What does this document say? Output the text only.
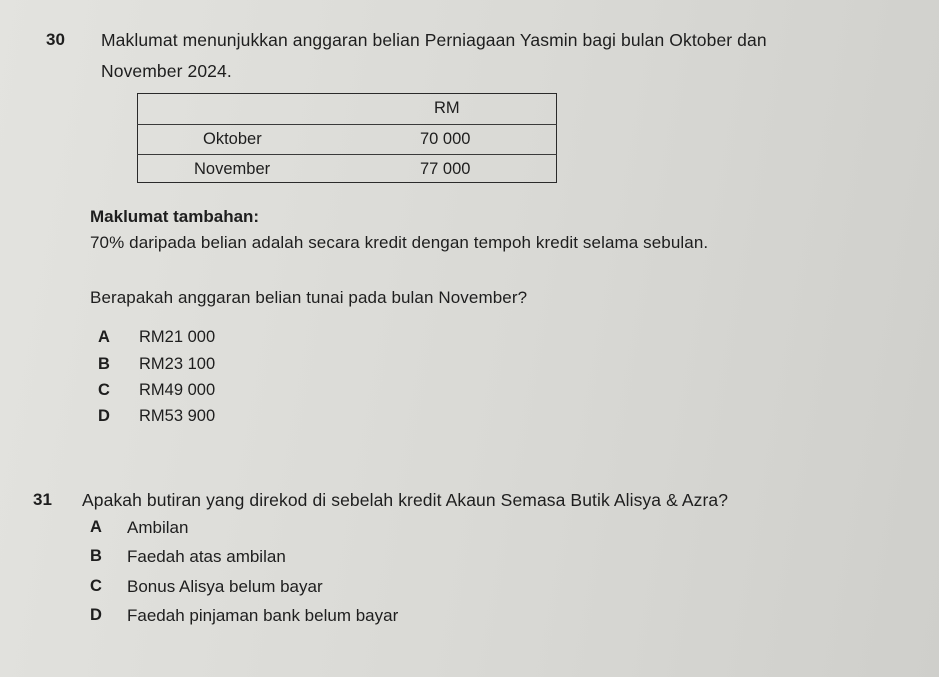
30 Maklumat menunjukkan anggaran belian Perniagaan Yasmin bagi bulan Oktober dan
November 2024.
RM
Oktober	70 000
November	77 000
Maklumat tambahan:
70% daripada belian adalah secara kredit dengan tempoh kredit selama sebulan.
Berapakah anggaran belian tunai pada bulan November?
A RM21 000
B RM23 100
C RM49 000
D RM53 900
31 Apakah butiran yang direkod di sebelah kredit Akaun Semasa Butik Alisya & Azra?
A Ambilan
B Faedah atas ambilan
C Bonus Alisya belum bayar
D Faedah pinjaman bank belum bayar
